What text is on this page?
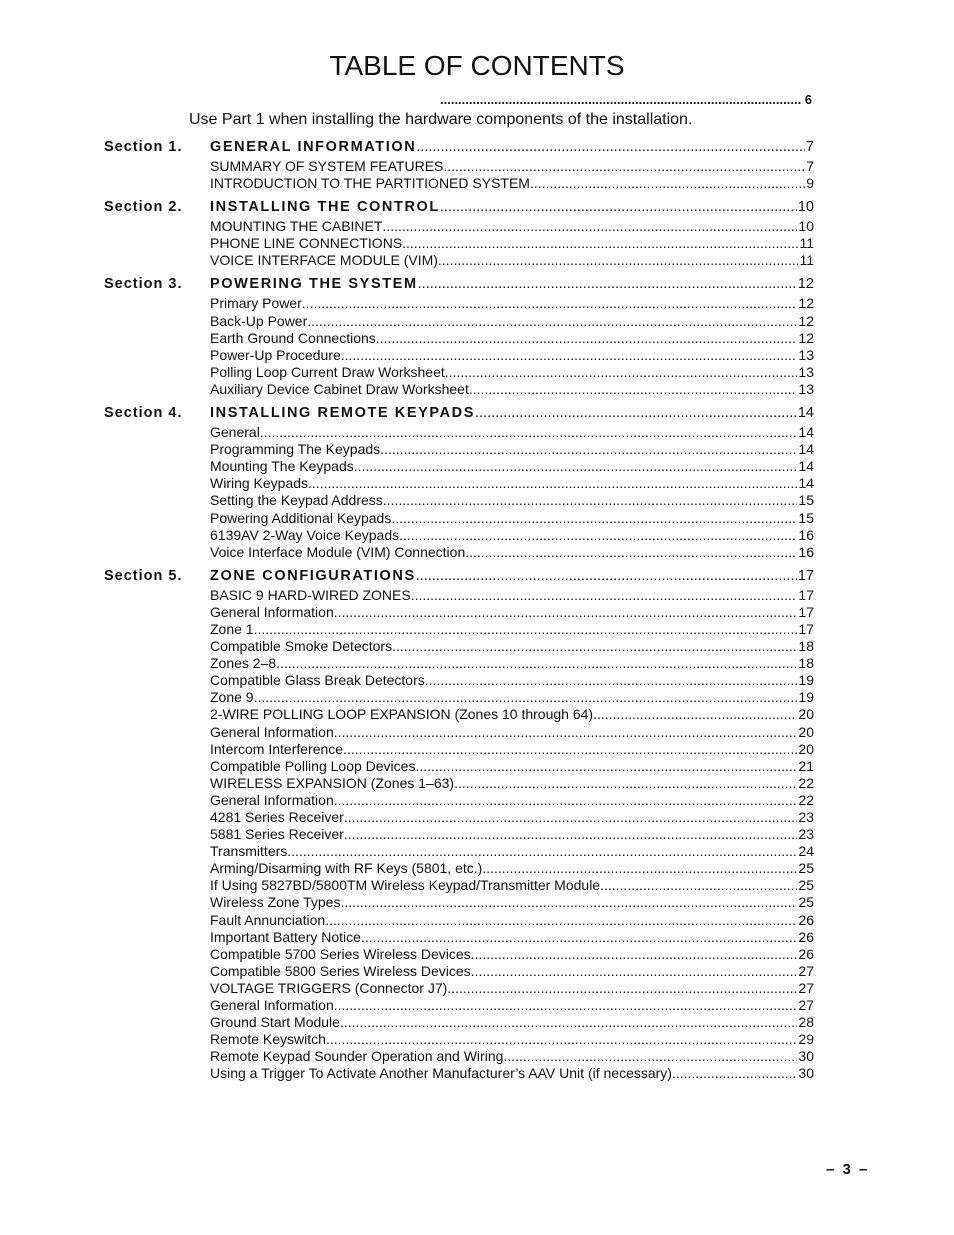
TABLE OF CONTENTS
.....
6
Use Part 1 when installing the hardware components of the installation.
Section 1.	GENERAL INFORMATION .....	7
SUMMARY OF SYSTEM FEATURES .....	7
INTRODUCTION TO THE PARTITIONED SYSTEM .....	9
Section 2.	INSTALLING THE CONTROL .....	10
MOUNTING THE CABINET .....	10
PHONE LINE CONNECTIONS .....	11
VOICE INTERFACE MODULE (VIM) .....	11
Section 3.	POWERING THE SYSTEM .....	12
Primary Power .....	12
Back-Up Power .....	12
Earth Ground Connections .....	12
Power-Up Procedure .....	13
Polling Loop Current Draw Worksheet .....	13
Auxiliary Device Cabinet Draw Worksheet .....	13
Section 4.	INSTALLING REMOTE KEYPADS .....	14
General .....	14
Programming The Keypads .....	14
Mounting The Keypads .....	14
Wiring Keypads .....	14
Setting the Keypad Address .....	15
Powering Additional Keypads .....	15
6139AV 2-Way Voice Keypads .....	16
Voice Interface Module (VIM) Connection .....	16
Section 5.	ZONE CONFIGURATIONS .....	17
BASIC 9 HARD-WIRED ZONES .....	17
General Information .....	17
Zone 1 .....	17
Compatible Smoke Detectors .....	18
Zones 2–8 .....	18
Compatible Glass Break Detectors .....	19
Zone 9 .....	19
2-WIRE POLLING LOOP EXPANSION (Zones 10 through 64) .....	20
General Information .....	20
Intercom Interference .....	20
Compatible Polling Loop Devices .....	21
WIRELESS EXPANSION (Zones 1–63) .....	22
General Information .....	22
4281 Series Receiver .....	23
5881 Series Receiver .....	23
Transmitters .....	24
Arming/Disarming with RF Keys (5801, etc.) .....	25
If Using 5827BD/5800TM Wireless Keypad/Transmitter Module .....	25
Wireless Zone Types .....	25
Fault Annunciation .....	26
Important Battery Notice .....	26
Compatible 5700 Series Wireless Devices .....	26
Compatible 5800 Series Wireless Devices .....	27
VOLTAGE TRIGGERS (Connector J7) .....	27
General Information .....	27
Ground Start Module .....	28
Remote Keyswitch .....	29
Remote Keypad Sounder Operation and Wiring .....	30
Using a Trigger To Activate Another Manufacturer’s AAV Unit (if necessary) .....	30
– 3 –
